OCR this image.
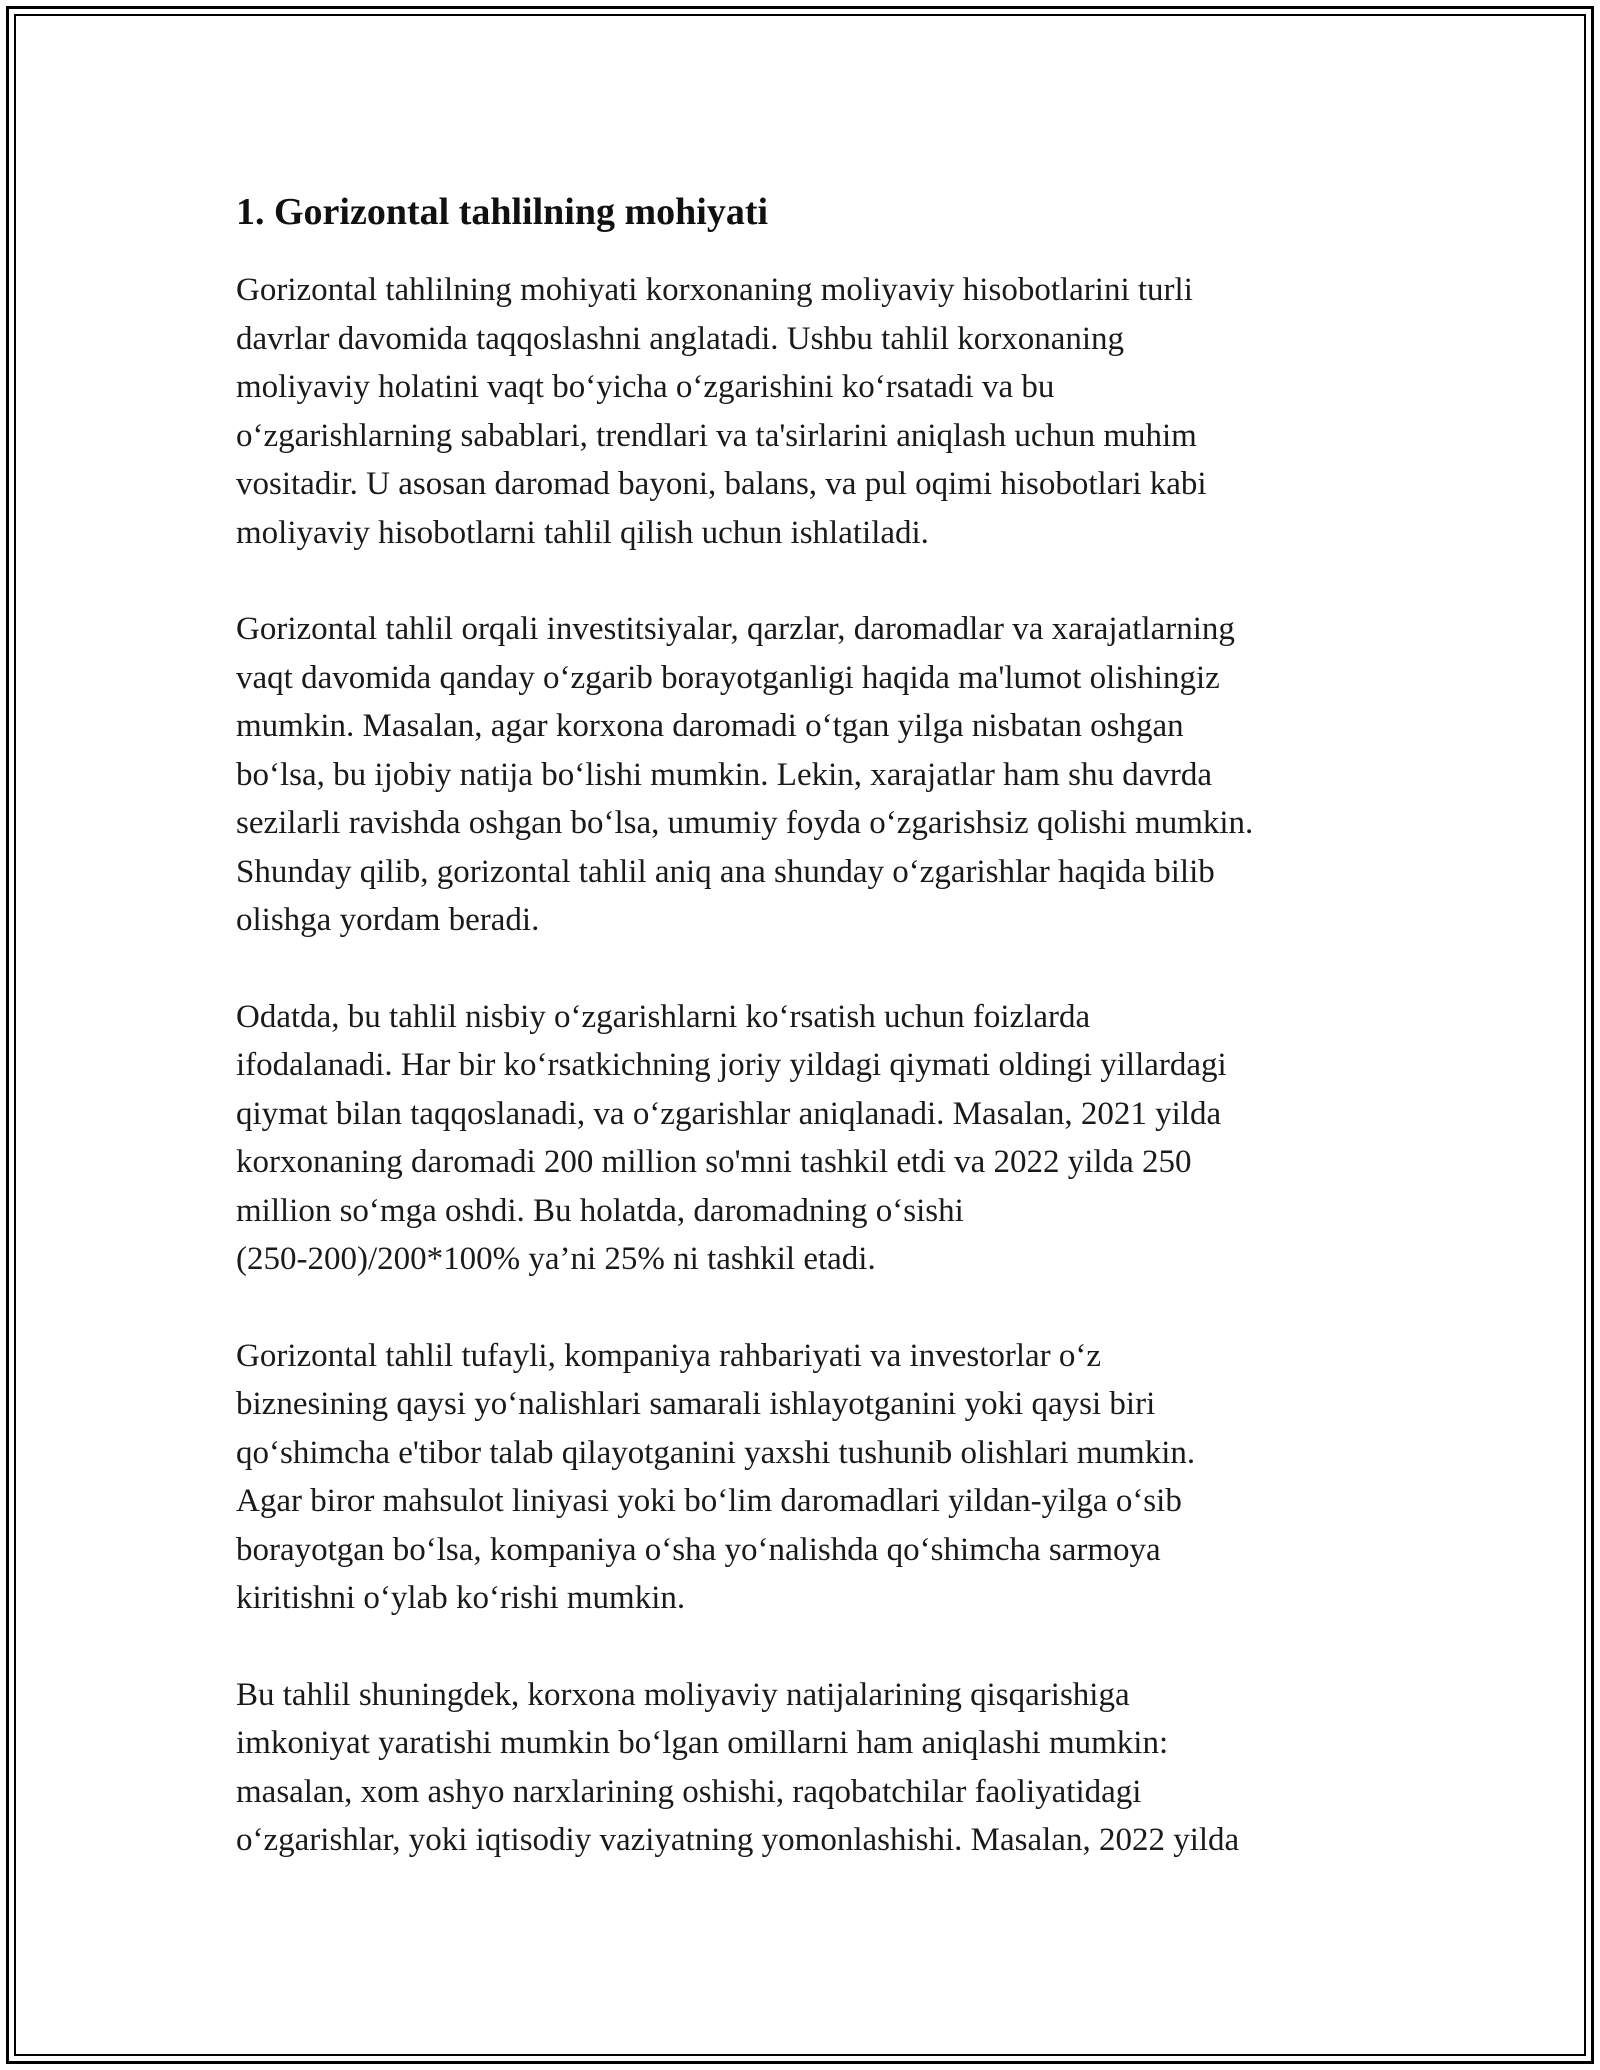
1. Gorizontal tahlilning mohiyati
Gorizontal tahlilning mohiyati korxonaning moliyaviy hisobotlarini turli
davrlar davomida taqqoslashni anglatadi. Ushbu tahlil korxonaning
moliyaviy holatini vaqt bo‘yicha o‘zgarishini ko‘rsatadi va bu
o‘zgarishlarning sabablari, trendlari va ta'sirlarini aniqlash uchun muhim
vositadir. U asosan daromad bayoni, balans, va pul oqimi hisobotlari kabi
moliyaviy hisobotlarni tahlil qilish uchun ishlatiladi.
Gorizontal tahlil orqali investitsiyalar, qarzlar, daromadlar va xarajatlarning
vaqt davomida qanday o‘zgarib borayotganligi haqida ma'lumot olishingiz
mumkin. Masalan, agar korxona daromadi o‘tgan yilga nisbatan oshgan
bo‘lsa, bu ijobiy natija bo‘lishi mumkin. Lekin, xarajatlar ham shu davrda
sezilarli ravishda oshgan bo‘lsa, umumiy foyda o‘zgarishsiz qolishi mumkin.
Shunday qilib, gorizontal tahlil aniq ana shunday o‘zgarishlar haqida bilib
olishga yordam beradi.
Odatda, bu tahlil nisbiy o‘zgarishlarni ko‘rsatish uchun foizlarda
ifodalanadi. Har bir ko‘rsatkichning joriy yildagi qiymati oldingi yillardagi
qiymat bilan taqqoslanadi, va o‘zgarishlar aniqlanadi. Masalan, 2021 yilda
korxonaning daromadi 200 million so'mni tashkil etdi va 2022 yilda 250
million so‘mga oshdi. Bu holatda, daromadning o‘sishi
(250-200)/200*100% ya’ni 25% ni tashkil etadi.
Gorizontal tahlil tufayli, kompaniya rahbariyati va investorlar o‘z
biznesining qaysi yo‘nalishlari samarali ishlayotganini yoki qaysi biri
qo‘shimcha e'tibor talab qilayotganini yaxshi tushunib olishlari mumkin.
Agar biror mahsulot liniyasi yoki bo‘lim daromadlari yildan-yilga o‘sib
borayotgan bo‘lsa, kompaniya o‘sha yo‘nalishda qo‘shimcha sarmoya
kiritishni o‘ylab ko‘rishi mumkin.
Bu tahlil shuningdek, korxona moliyaviy natijalarining qisqarishiga
imkoniyat yaratishi mumkin bo‘lgan omillarni ham aniqlashi mumkin:
masalan, xom ashyo narxlarining oshishi, raqobatchilar faoliyatidagi
o‘zgarishlar, yoki iqtisodiy vaziyatning yomonlashishi. Masalan, 2022 yilda
